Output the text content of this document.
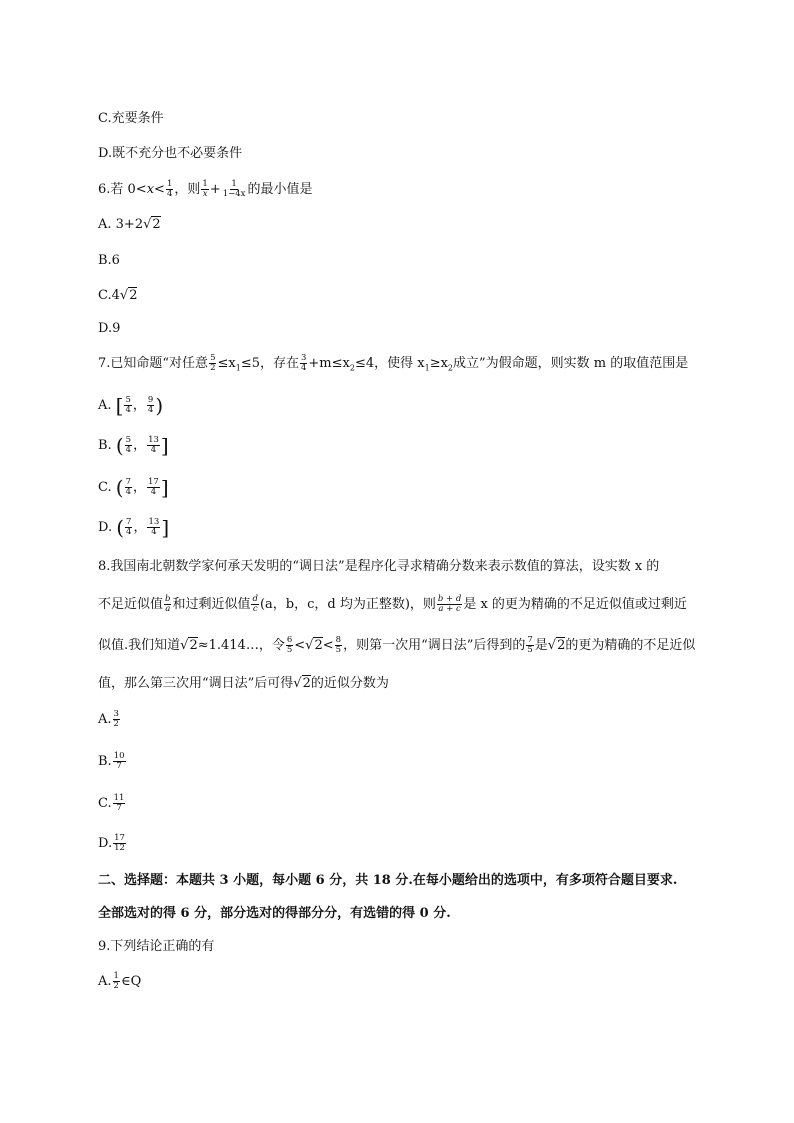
C.充要条件
D.既不充分也不必要条件
6.若 $0<x< \frac{1}{4}$ ，则 $\frac{1}{x} + \frac{1}{1-4x}$ 的最小值是
A. 3+2√2
B.6
C.4√2
D.9
7.已知命题“对任意 $\frac{5}{2} \le x_1\le 5$，存在 $\frac{3}{4} +m\le x_2\le 4$，使得 $x_1\ge x_2$成立”为假命题，则实数 m 的取值范围是
A. [ $\frac{5}{4}$ ， $\frac{9}{4}$ )
B. ( $\frac{5}{4}$ ， $\frac{13}{4}$ ]
C. ( $\frac{7}{4}$ ， $\frac{17}{4}$ ]
D. ( $\frac{7}{4}$ ， $\frac{13}{4}$ ]
8.我国南北朝数学家何承天发明的“调日法”是程序化寻求精确分数来表示数值的算法，设实数 x 的
不足近似值 $\frac{b}{a}$ 和过剩近似值 $\frac{d}{c} (a$，b，c，d 均为正整数)，则 $\frac{b + d}{a + c}$ 是 x 的更为精确的不足近似值或过剩近
似值.我们知道√2≈1.414…，令 $\frac{6}{5} <√2< \frac{8}{5}$ ，则第一次用“调日法”后得到的 $\frac{7}{5}$ 是√2的更为精确的不足近似
值，那么第三次用“调日法”后可得√2的近似分数为
A. $\frac{3}{2}$
B. $\frac{10}{7}$
C. $\frac{11}{7}$
D. $\frac{17}{12}$
二、选择题：本题共 3 小题，每小题 6 分，共 18 分.在每小题给出的选项中，有多项符合题目要求.
全部选对的得 6 分，部分选对的得部分分，有选错的得 0 分.
9.下列结论正确的有
A. $\frac{1}{2}$ ∈Q
